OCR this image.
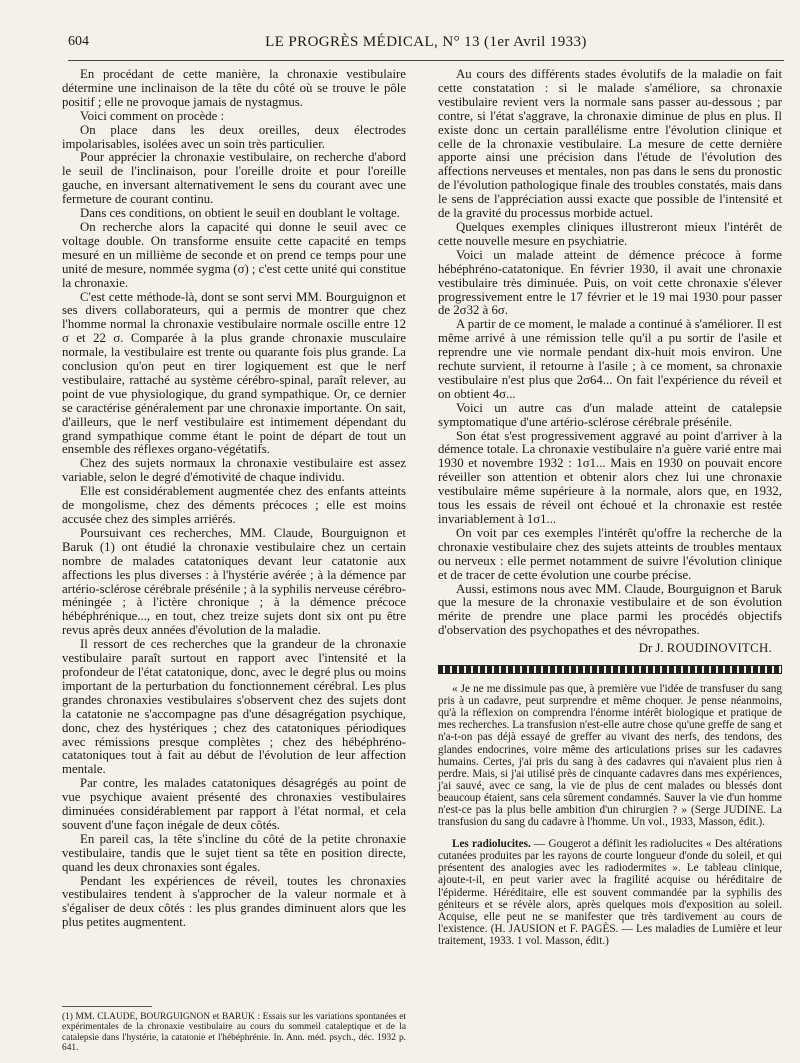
604	LE PROGRÈS MÉDICAL, N° 13 (1er Avril 1933)

En procédant de cette manière, la chronaxie vestibulaire détermine une inclinaison de la tête du côté où se trouve le pôle positif ; elle ne provoque jamais de nystagmus.

Voici comment on procède :

On place dans les deux oreilles, deux électrodes impolarisables, isolées avec un soin très particulier.

Pour apprécier la chronaxie vestibulaire, on recherche d'abord le seuil de l'inclinaison, pour l'oreille droite et pour l'oreille gauche, en inversant alternativement le sens du courant avec une fermeture de courant continu.

Dans ces conditions, on obtient le seuil en doublant le voltage.

On recherche alors la capacité qui donne le seuil avec ce voltage double. On transforme ensuite cette capacité en temps mesuré en un millième de seconde et on prend ce temps pour une unité de mesure, nommée sygma (σ) ; c'est cette unité qui constitue la chronaxie.

C'est cette méthode-là, dont se sont servi MM. Bourguignon et ses divers collaborateurs, qui a permis de montrer que chez l'homme normal la chronaxie vestibulaire normale oscille entre 12 σ et 22 σ. Comparée à la plus grande chronaxie musculaire normale, la vestibulaire est trente ou quarante fois plus grande. La conclusion qu'on peut en tirer logiquement est que le nerf vestibulaire, rattaché au système cérébro-spinal, paraît relever, au point de vue physiologique, du grand sympathique. Or, ce dernier se caractérise généralement par une chronaxie importante. On sait, d'ailleurs, que le nerf vestibulaire est intimement dépendant du grand sympathique comme étant le point de départ de tout un ensemble des réflexes organo-végétatifs.

Chez des sujets normaux la chronaxie vestibulaire est assez variable, selon le degré d'émotivité de chaque individu.

Elle est considérablement augmentée chez des enfants atteints de mongolisme, chez des déments précoces ; elle est moins accusée chez des simples arriérés.

Poursuivant ces recherches, MM. Claude, Bourguignon et Baruk (1) ont étudié la chronaxie vestibulaire chez un certain nombre de malades catatoniques devant leur catatonie aux affections les plus diverses : à l'hystérie avérée ; à la démence par artério-sclérose cérébrale présénile ; à la syphilis nerveuse cérébro-méningée ; à l'ictère chronique ; à la démence précoce hébéphrénique..., en tout, chez treize sujets dont six ont pu être revus après deux années d'évolution de la maladie.

Il ressort de ces recherches que la grandeur de la chronaxie vestibulaire paraît surtout en rapport avec l'intensité et la profondeur de l'état catatonique, donc, avec le degré plus ou moins important de la perturbation du fonctionnement cérébral. Les plus grandes chronaxies vestibulaires s'observent chez des sujets dont la catatonie ne s'accompagne pas d'une désagrégation psychique, donc, chez des hystériques ; chez des catatoniques périodiques avec rémissions presque complètes ; chez des hébéphréno-catatoniques tout à fait au début de l'évolution de leur affection mentale.

Par contre, les malades catatoniques désagrégés au point de vue psychique avaient présenté des chronaxies vestibulaires diminuées considérablement par rapport à l'état normal, et cela souvent d'une façon inégale de deux côtés.

En pareil cas, la tête s'incline du côté de la petite chronaxie vestibulaire, tandis que le sujet tient sa tête en position directe, quand les deux chronaxies sont égales.

Pendant les expériences de réveil, toutes les chronaxies vestibulaires tendent à s'approcher de la valeur normale et à s'égaliser de deux côtés : les plus grandes diminuent alors que les plus petites augmentent.

(1) MM. CLAUDE, BOURGUIGNON et BARUK : Essais sur les variations spontanées et expérimentales de la chronaxie vestibulaire au cours du sommeil cataleptique et de la catalepsie dans l'hystérie, la catatonie et l'hébéphrénie. In. Ann. méd. psych., déc. 1932 p. 641.

Au cours des différents stades évolutifs de la maladie on fait cette constatation : si le malade s'améliore, sa chronaxie vestibulaire revient vers la normale sans passer au-dessous ; par contre, si l'état s'aggrave, la chronaxie diminue de plus en plus. Il existe donc un certain parallélisme entre l'évolution clinique et celle de la chronaxie vestibulaire. La mesure de cette dernière apporte ainsi une précision dans l'étude de l'évolution des affections nerveuses et mentales, non pas dans le sens du pronostic de l'évolution pathologique finale des troubles constatés, mais dans le sens de l'appréciation aussi exacte que possible de l'intensité et de la gravité du processus morbide actuel.

Quelques exemples cliniques illustreront mieux l'intérêt de cette nouvelle mesure en psychiatrie.

Voici un malade atteint de démence précoce à forme hébéphréno-catatonique. En février 1930, il avait une chronaxie vestibulaire très diminuée. Puis, on voit cette chronaxie s'élever progressivement entre le 17 février et le 19 mai 1930 pour passer de 2σ32 à 6σ.

A partir de ce moment, le malade a continué à s'améliorer. Il est même arrivé à une rémission telle qu'il a pu sortir de l'asile et reprendre une vie normale pendant dix-huit mois environ. Une rechute survient, il retourne à l'asile ; à ce moment, sa chronaxie vestibulaire n'est plus que 2σ64... On fait l'expérience du réveil et on obtient 4σ...

Voici un autre cas d'un malade atteint de catalepsie symptomatique d'une artério-sclérose cérébrale présénile.

Son état s'est progressivement aggravé au point d'arriver à la démence totale. La chronaxie vestibulaire n'a guère varié entre mai 1930 et novembre 1932 : 1σ1... Mais en 1930 on pouvait encore réveiller son attention et obtenir alors chez lui une chronaxie vestibulaire même supérieure à la normale, alors que, en 1932, tous les essais de réveil ont échoué et la chronaxie est restée invariablement à 1σ1...

On voit par ces exemples l'intérêt qu'offre la recherche de la chronaxie vestibulaire chez des sujets atteints de troubles mentaux ou nerveux : elle permet notamment de suivre l'évolution clinique et de tracer de cette évolution une courbe précise.

Aussi, estimons nous avec MM. Claude, Bourguignon et Baruk que la mesure de la chronaxie vestibulaire et de son évolution mérite de prendre une place parmi les procédés objectifs d'observation des psychopathes et des névropathes.

Dr J. ROUDINOVITCH.

« Je ne me dissimule pas que, à première vue l'idée de transfuser du sang pris à un cadavre, peut surprendre et même choquer. Je pense néanmoins, qu'à la réflexion on comprendra l'énorme intérêt biologique et pratique de mes recherches. La transfusion n'est-elle autre chose qu'une greffe de sang et n'a-t-on pas déjà essayé de greffer au vivant des nerfs, des tendons, des glandes endocrines, voire même des articulations prises sur les cadavres humains. Certes, j'ai pris du sang à des cadavres qui n'avaient plus rien à perdre. Mais, si j'ai utilisé près de cinquante cadavres dans mes expériences, j'ai sauvé, avec ce sang, la vie de plus de cent malades ou blessés dont beaucoup étaient, sans cela sûrement condamnés. Sauver la vie d'un homme n'est-ce pas la plus belle ambition d'un chirurgien ? » (Serge JUDINE. La transfusion du sang du cadavre à l'homme. Un vol., 1933, Masson, édit.).

Les radiolucites. — Gougerot a définit les radiolucites « Des altérations cutanées produites par les rayons de courte longueur d'onde du soleil, et qui présentent des analogies avec les radiodermites ». Le tableau clinique, ajoute-t-il, en peut varier avec la fragilité acquise ou héréditaire de l'épiderme. Héréditaire, elle est souvent commandée par la syphilis des géniteurs et se révèle alors, après quelques mois d'exposition au soleil. Acquise, elle peut ne se manifester que très tardivement au cours de l'existence. (H. JAUSION et F. PAGÈS. — Les maladies de Lumière et leur traitement, 1933. 1 vol. Masson, édit.)
